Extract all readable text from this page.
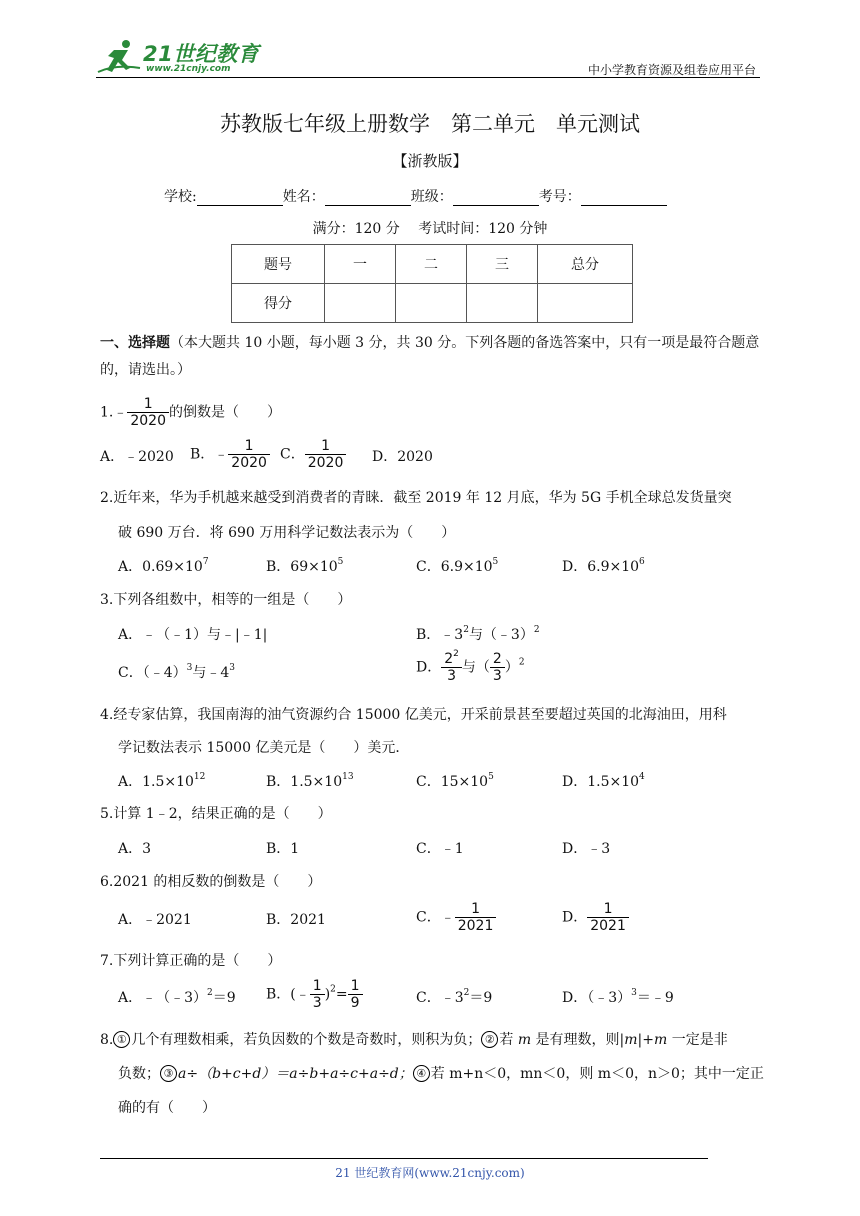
21世纪教育
www.21cnjy.com	中小学教育资源及组卷应用平台
苏教版七年级上册数学　第二单元　单元测试
【浙教版】
学校:	姓名：	班级：	考号：
满分：120 分　 考试时间：120 分钟
题号	一	二	三	总分
得分				
一、选择题（本大题共 10 小题，每小题 3 分，共 30 分。下列各题的备选答案中，只有一项是最符合题意的，请选出。）
1.﹣ $\frac{1}{2020}$ 的倒数是（　　）
A．﹣2020 B．﹣ $\frac{1}{2020}$ C． $\frac{1}{2020}$ D．2020
2.近年来，华为手机越来越受到消费者的青睐．截至 2019 年 12 月底，华为 5G 手机全球总发货量突
破 690 万台．将 690 万用科学记数法表示为（　　）
A．$0.69\times 10^7$	B．$69\times 10^5$	C．$6.9\times 10^5$	D．$6.9\times 10^6$
3.下列各组数中，相等的一组是（　　）
A．﹣（﹣1）与﹣|﹣1|	B．$﹣3^2$与（﹣3）$^2$
C．（﹣4）$^3$与$﹣4^3$	D． $\frac{2^2}{3}$ 与（ $\frac{2}{3} )^2$
4.经专家估算，我国南海的油气资源约合 15000 亿美元，开采前景甚至要超过英国的北海油田，用科
学记数法表示 15000 亿美元是（　　）美元．
A．$1.5\times 10^{12}$	B．$1.5\times 10^{13}$	C．$15\times 10^5$	D．$1.5\times 10^4$
5.计算 1﹣2，结果正确的是（　　）
A．3	B．1	C．﹣1	D．﹣3
6.2021 的相反数的倒数是（　　）
A．﹣2021	B．2021	C．﹣ $\frac{1}{2021}$	D． $\frac{1}{2021}$
7.下列计算正确的是（　　）
A．﹣（﹣3）$^2$＝9 B．(﹣ $\frac{1}{3} )^2= \frac{1}{9}$	C．$﹣3^2=9$	D．（﹣3）$^3$＝﹣9
8. ① 几个有理数相乘，若负因数的个数是奇数时，则积为负； ② 若 m 是有理数，则|m|+m 一定是非
负数； ③ a÷（b+c+d）＝a÷b+a÷c+a÷d； ④ 若 m+n＜0，mn＜0，则 m＜0，n＞0；其中一定正
确的有（　　）
21 世纪教育网(www.21cnjy.com)
